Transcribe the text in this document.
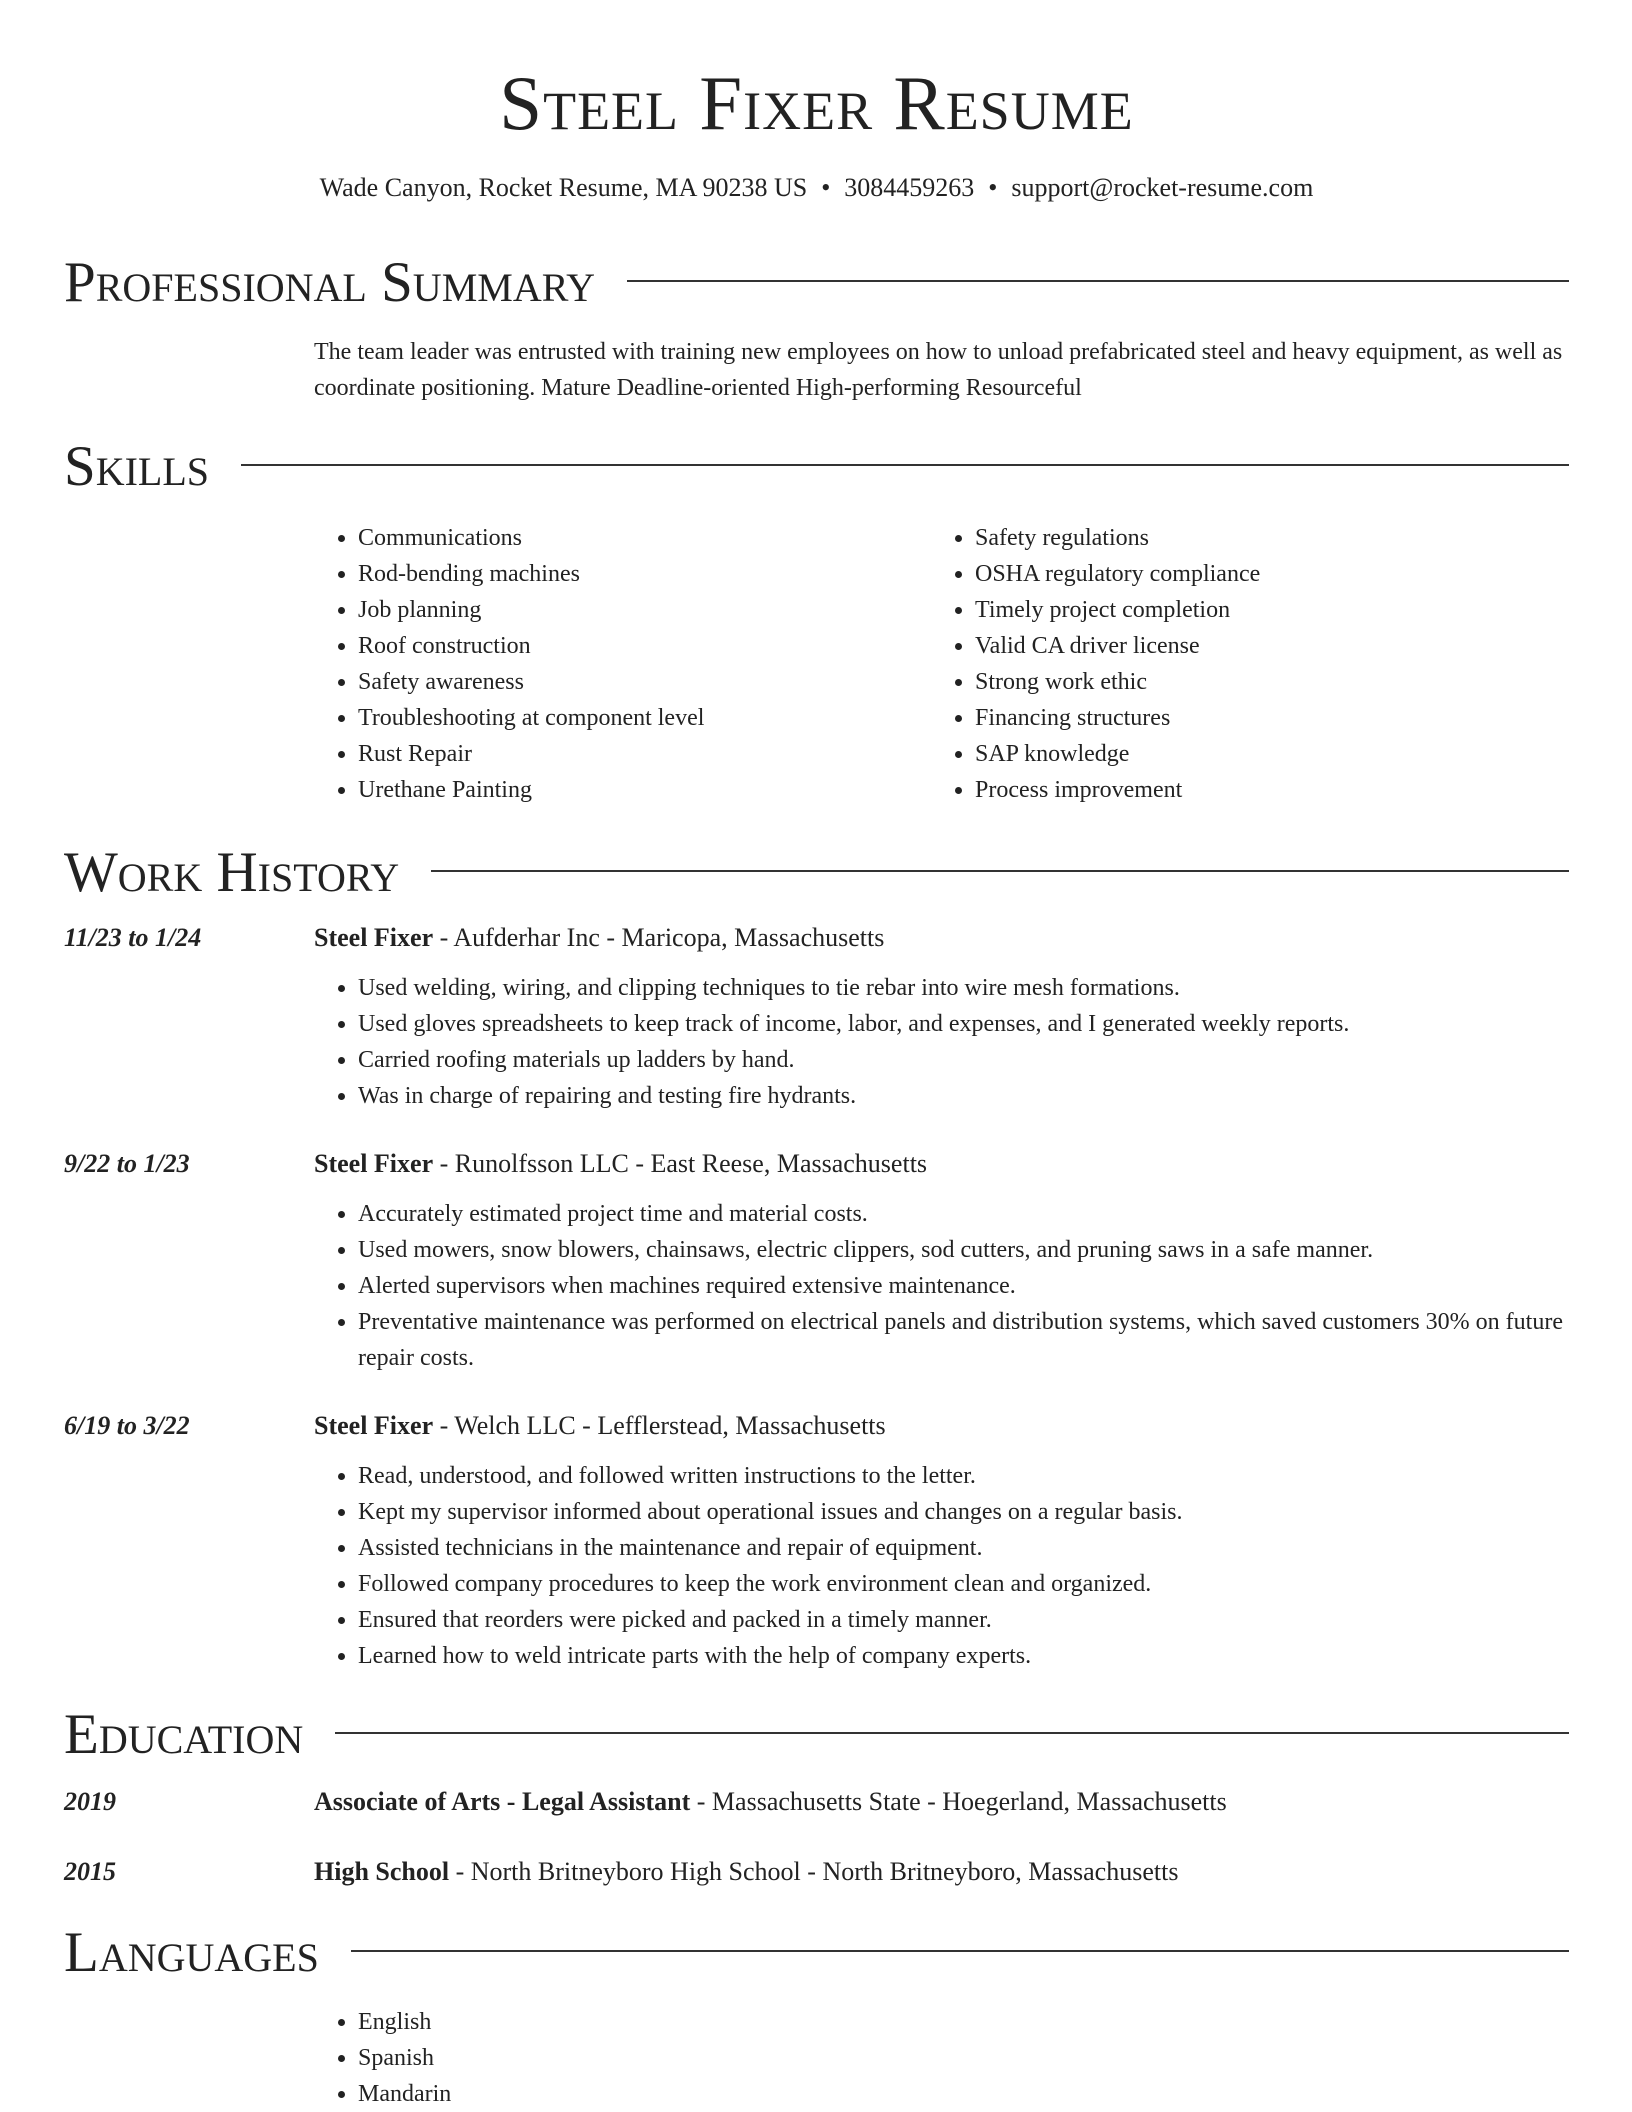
Steel Fixer Resume
Wade Canyon, Rocket Resume, MA 90238 US • 3084459263 • support@rocket-resume.com
Professional Summary
The team leader was entrusted with training new employees on how to unload prefabricated steel and heavy equipment, as well as coordinate positioning. Mature Deadline-oriented High-performing Resourceful
Skills
• Communications
• Rod-bending machines
• Job planning
• Roof construction
• Safety awareness
• Troubleshooting at component level
• Rust Repair
• Urethane Painting
• Safety regulations
• OSHA regulatory compliance
• Timely project completion
• Valid CA driver license
• Strong work ethic
• Financing structures
• SAP knowledge
• Process improvement
Work History
11/23 to 1/24	Steel Fixer - Aufderhar Inc - Maricopa, Massachusetts
• Used welding, wiring, and clipping techniques to tie rebar into wire mesh formations.
• Used gloves spreadsheets to keep track of income, labor, and expenses, and I generated weekly reports.
• Carried roofing materials up ladders by hand.
• Was in charge of repairing and testing fire hydrants.
9/22 to 1/23	Steel Fixer - Runolfsson LLC - East Reese, Massachusetts
• Accurately estimated project time and material costs.
• Used mowers, snow blowers, chainsaws, electric clippers, sod cutters, and pruning saws in a safe manner.
• Alerted supervisors when machines required extensive maintenance.
• Preventative maintenance was performed on electrical panels and distribution systems, which saved customers 30% on future repair costs.
6/19 to 3/22	Steel Fixer - Welch LLC - Lefflerstead, Massachusetts
• Read, understood, and followed written instructions to the letter.
• Kept my supervisor informed about operational issues and changes on a regular basis.
• Assisted technicians in the maintenance and repair of equipment.
• Followed company procedures to keep the work environment clean and organized.
• Ensured that reorders were picked and packed in a timely manner.
• Learned how to weld intricate parts with the help of company experts.
Education
2019	Associate of Arts - Legal Assistant - Massachusetts State - Hoegerland, Massachusetts
2015	High School - North Britneyboro High School - North Britneyboro, Massachusetts
Languages
• English
• Spanish
• Mandarin
